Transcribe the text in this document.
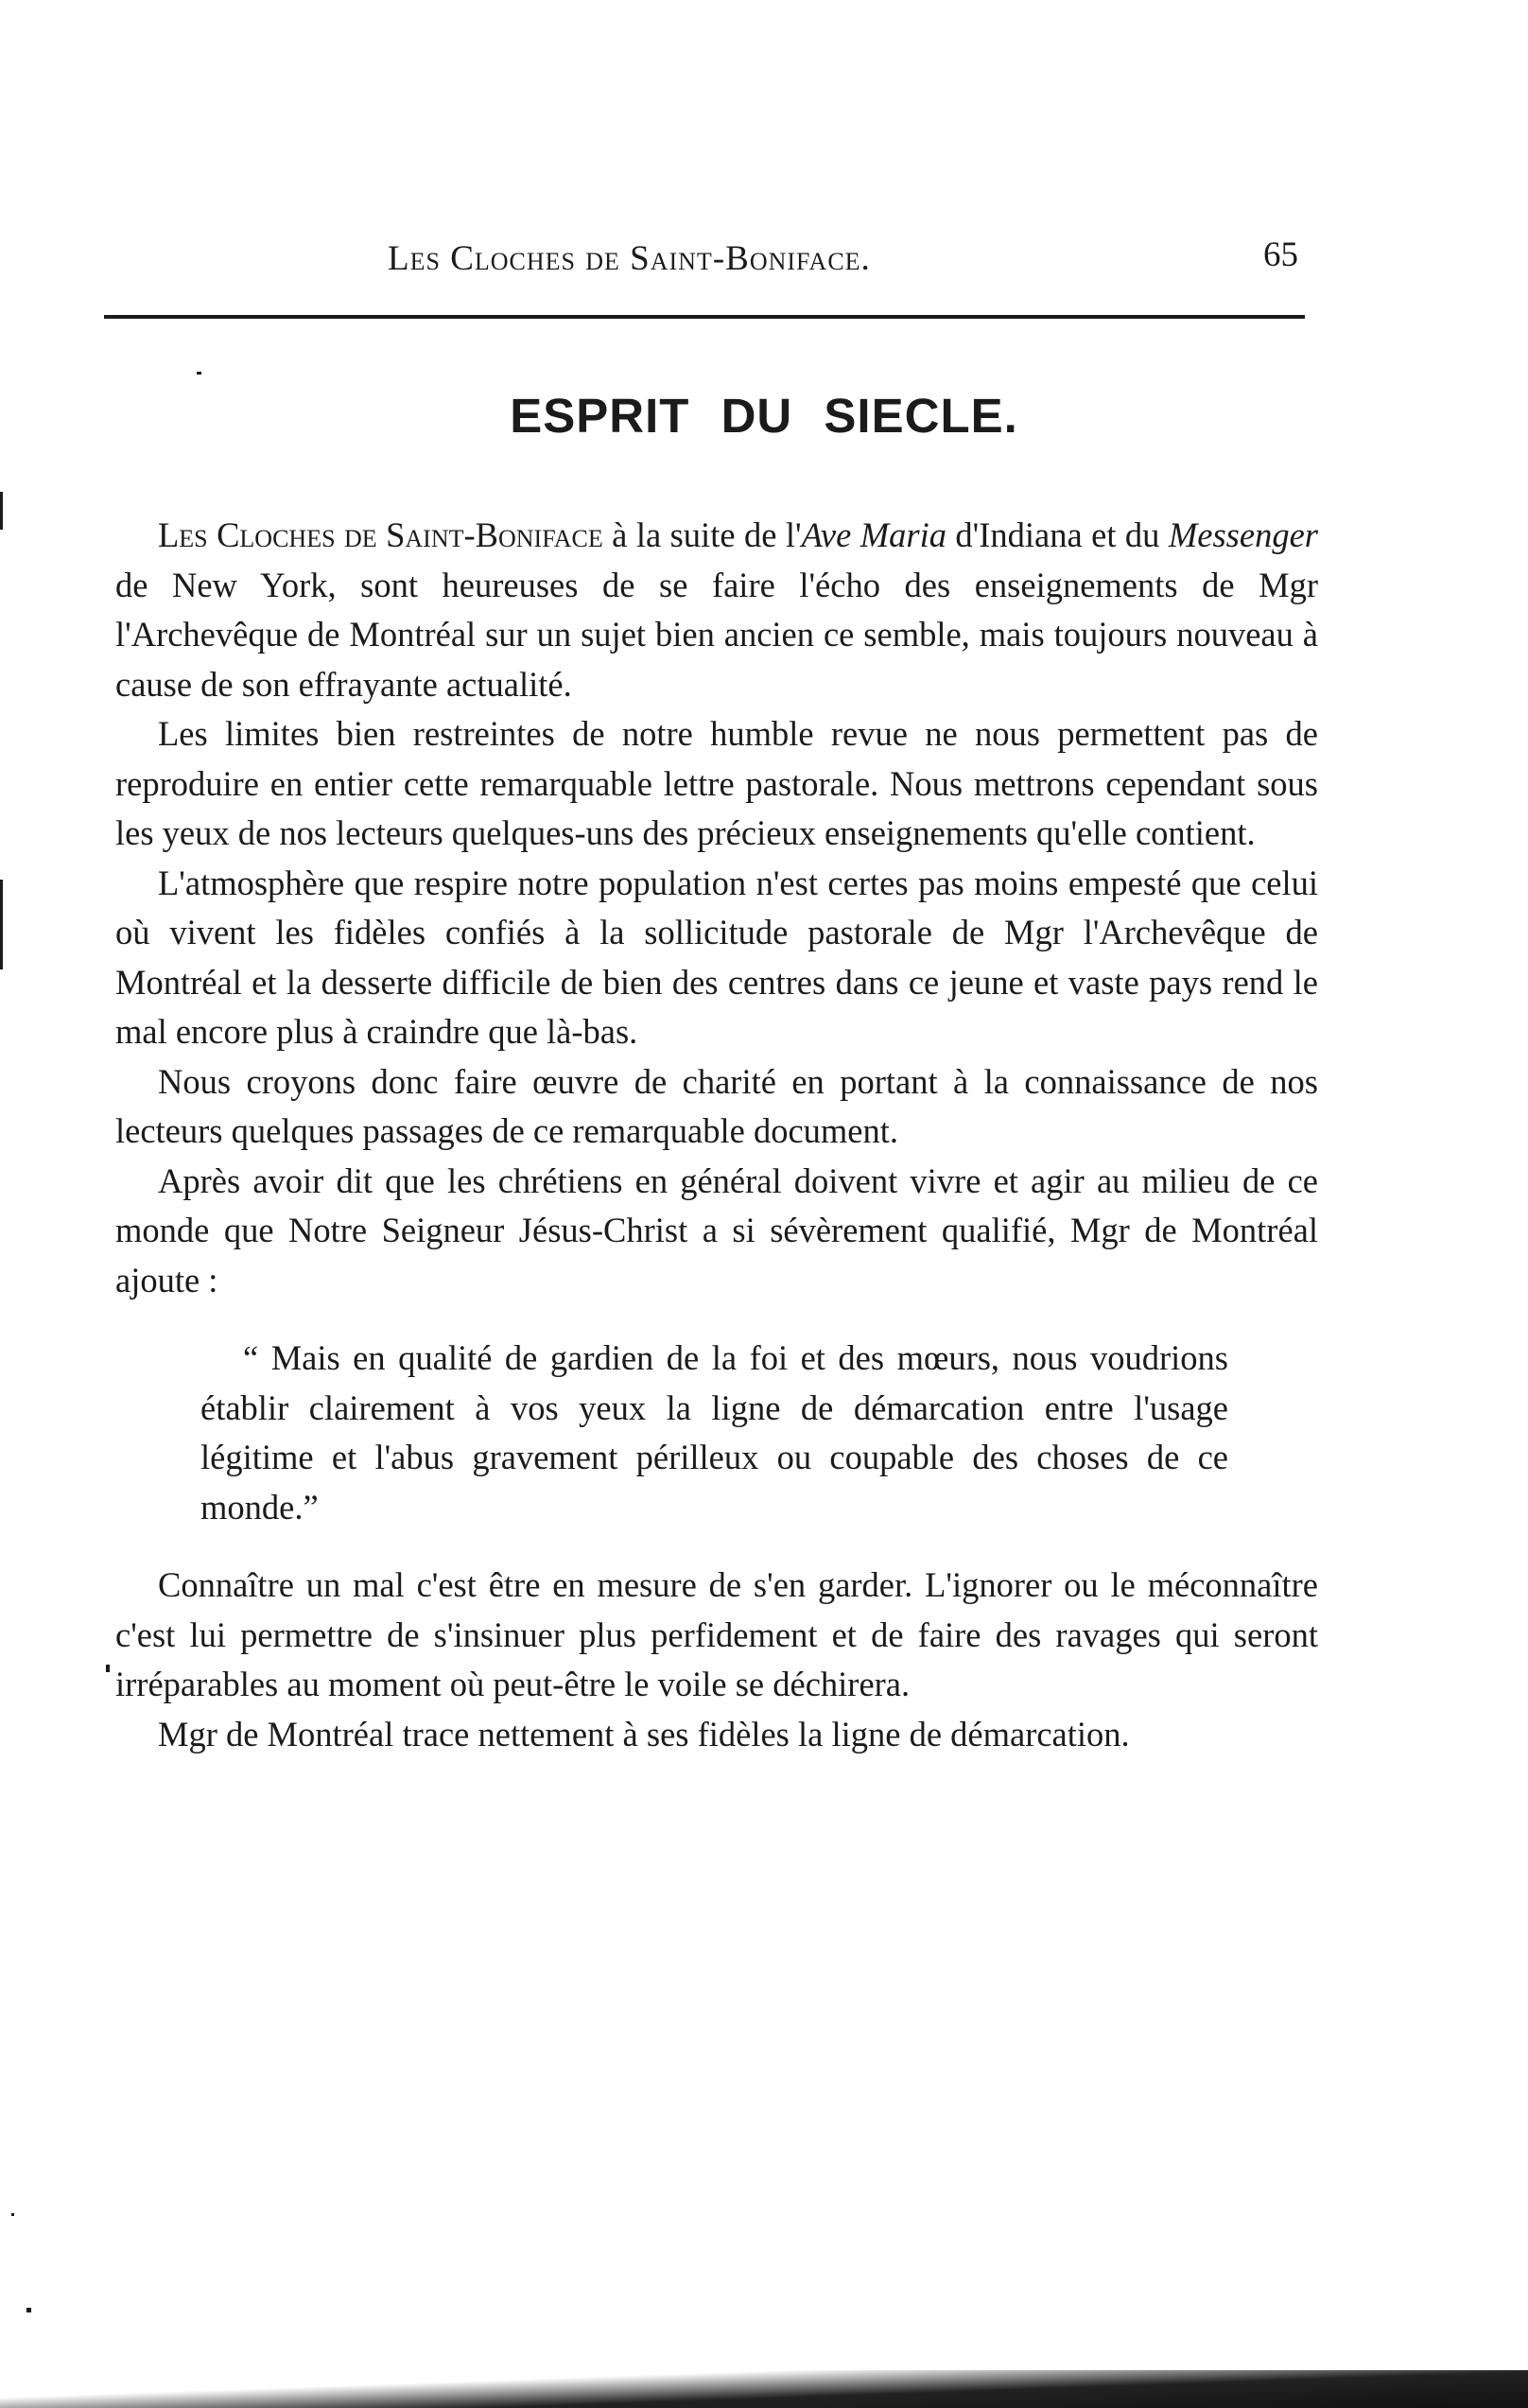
Les Cloches de Saint-Boniface.	65
ESPRIT DU SIECLE.

Les Cloches de Saint-Boniface à la suite de l'Ave Maria d'Indiana et du Messenger de New York, sont heureuses de se faire l'écho des enseignements de Mgr l'Archevêque de Montréal sur un sujet bien ancien ce semble, mais toujours nouveau à cause de son effrayante actualité.

Les limites bien restreintes de notre humble revue ne nous permettent pas de reproduire en entier cette remarquable lettre pastorale. Nous mettrons cependant sous les yeux de nos lecteurs quelques-uns des précieux enseignements qu'elle contient.

L'atmosphère que respire notre population n'est certes pas moins empesté que celui où vivent les fidèles confiés à la sollicitude pastorale de Mgr l'Archevêque de Montréal et la desserte difficile de bien des centres dans ce jeune et vaste pays rend le mal encore plus à craindre que là-bas.

Nous croyons donc faire œuvre de charité en portant à la connaissance de nos lecteurs quelques passages de ce remarquable document.

Après avoir dit que les chrétiens en général doivent vivre et agir au milieu de ce monde que Notre Seigneur Jésus-Christ a si sévèrement qualifié, Mgr de Montréal ajoute :

“ Mais en qualité de gardien de la foi et des mœurs, nous voudrions établir clairement à vos yeux la ligne de démarcation entre l'usage légitime et l'abus gravement périlleux ou coupable des choses de ce monde.”

Connaître un mal c'est être en mesure de s'en garder. L'ignorer ou le méconnaître c'est lui permettre de s'insinuer plus perfidement et de faire des ravages qui seront irréparables au moment où peut-être le voile se déchirera.

Mgr de Montréal trace nettement à ses fidèles la ligne de démarcation.
